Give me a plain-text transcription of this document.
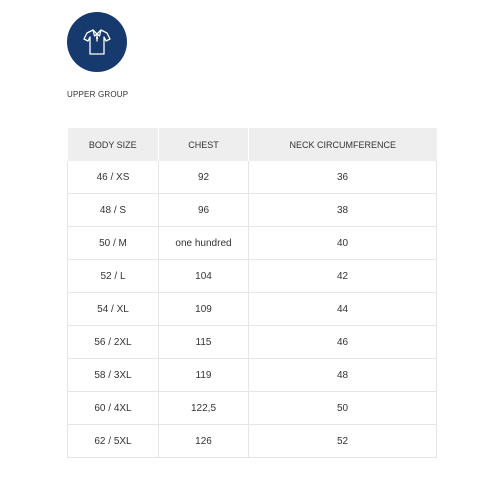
UPPER GROUP
BODY SIZE	CHEST	NECK CIRCUMFERENCE
46 / XS	92	36
48 / S	96	38
50 / M	one hundred	40
52 / L	104	42
54 / XL	109	44
56 / 2XL	115	46
58 / 3XL	119	48
60 / 4XL	122,5	50
62 / 5XL	126	52
